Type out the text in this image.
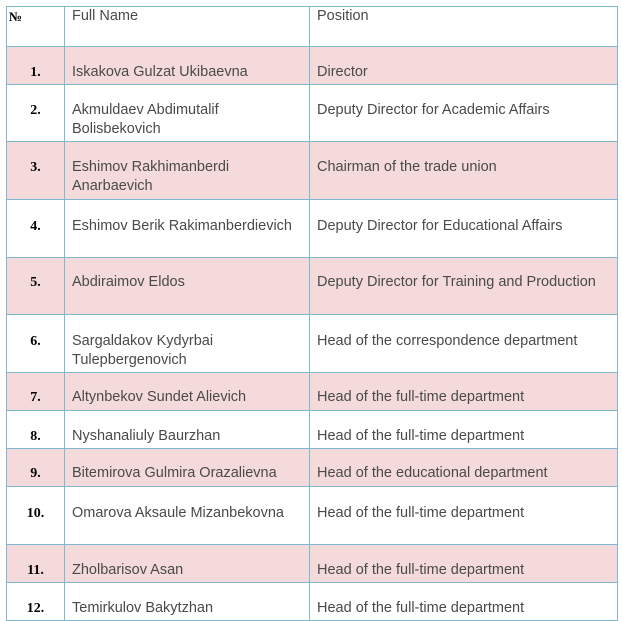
№	Full Name	Position
1.	Iskakova Gulzat Ukibaevna	Director
2.	Akmuldaev Abdimutalif Bolisbekovich	Deputy Director for Academic Affairs
3.	Eshimov Rakhimanberdi Anarbaevich	Chairman of the trade union
4.	Eshimov Berik Rakimanberdievich	Deputy Director for Educational Affairs
5.	Abdiraimov Eldos	Deputy Director for Training and Production
6.	Sargaldakov Kydyrbai Tulepbergenovich	Head of the correspondence department
7.	Altynbekov Sundet Alievich	Head of the full-time department
8.	Nyshanaliuly Baurzhan	Head of the full-time department
9.	Bitemirova Gulmira Orazalievna	Head of the educational department
10.	Omarova Aksaule Mizanbekovna	Head of the full-time department
11.	Zholbarisov Asan	Head of the full-time department
12.	Temirkulov Bakytzhan	Head of the full-time department
